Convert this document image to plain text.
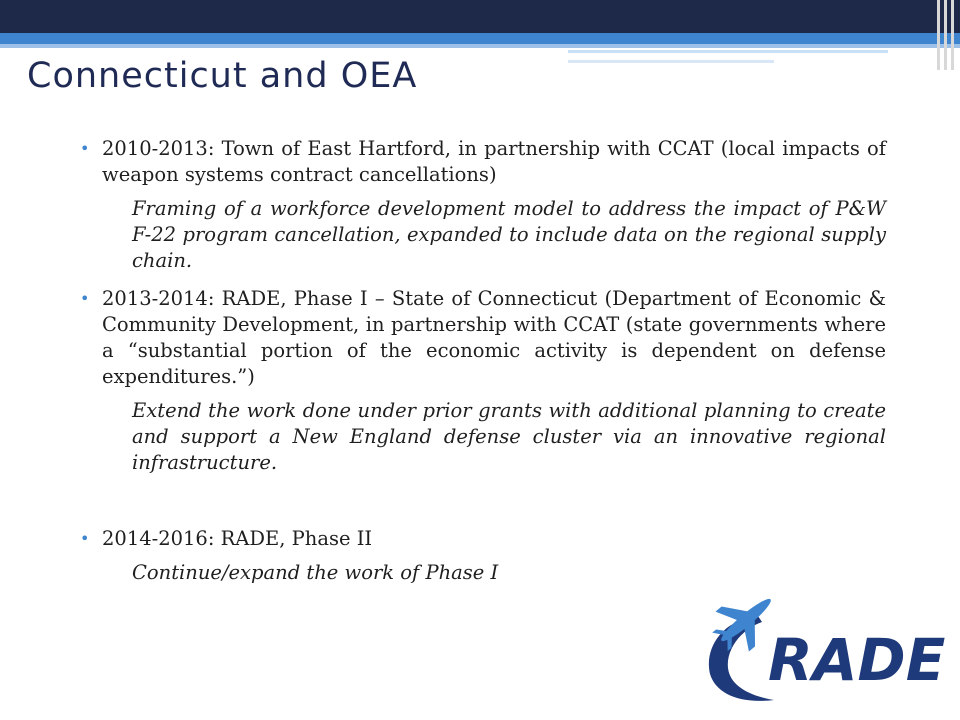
Connecticut and OEA
• 2010-2013: Town of East Hartford, in partnership with CCAT (local impacts of weapon systems contract cancellations)
Framing of a workforce development model to address the impact of P&W F-22 program cancellation, expanded to include data on the regional supply chain.
• 2013-2014: RADE, Phase I – State of Connecticut (Department of Economic & Community Development, in partnership with CCAT (state governments where a “substantial portion of the economic activity is dependent on defense expenditures.”)
Extend the work done under prior grants with additional planning to create and support a New England defense cluster via an innovative regional infrastructure.
• 2014-2016: RADE, Phase II
Continue/expand the work of Phase I
RADE
